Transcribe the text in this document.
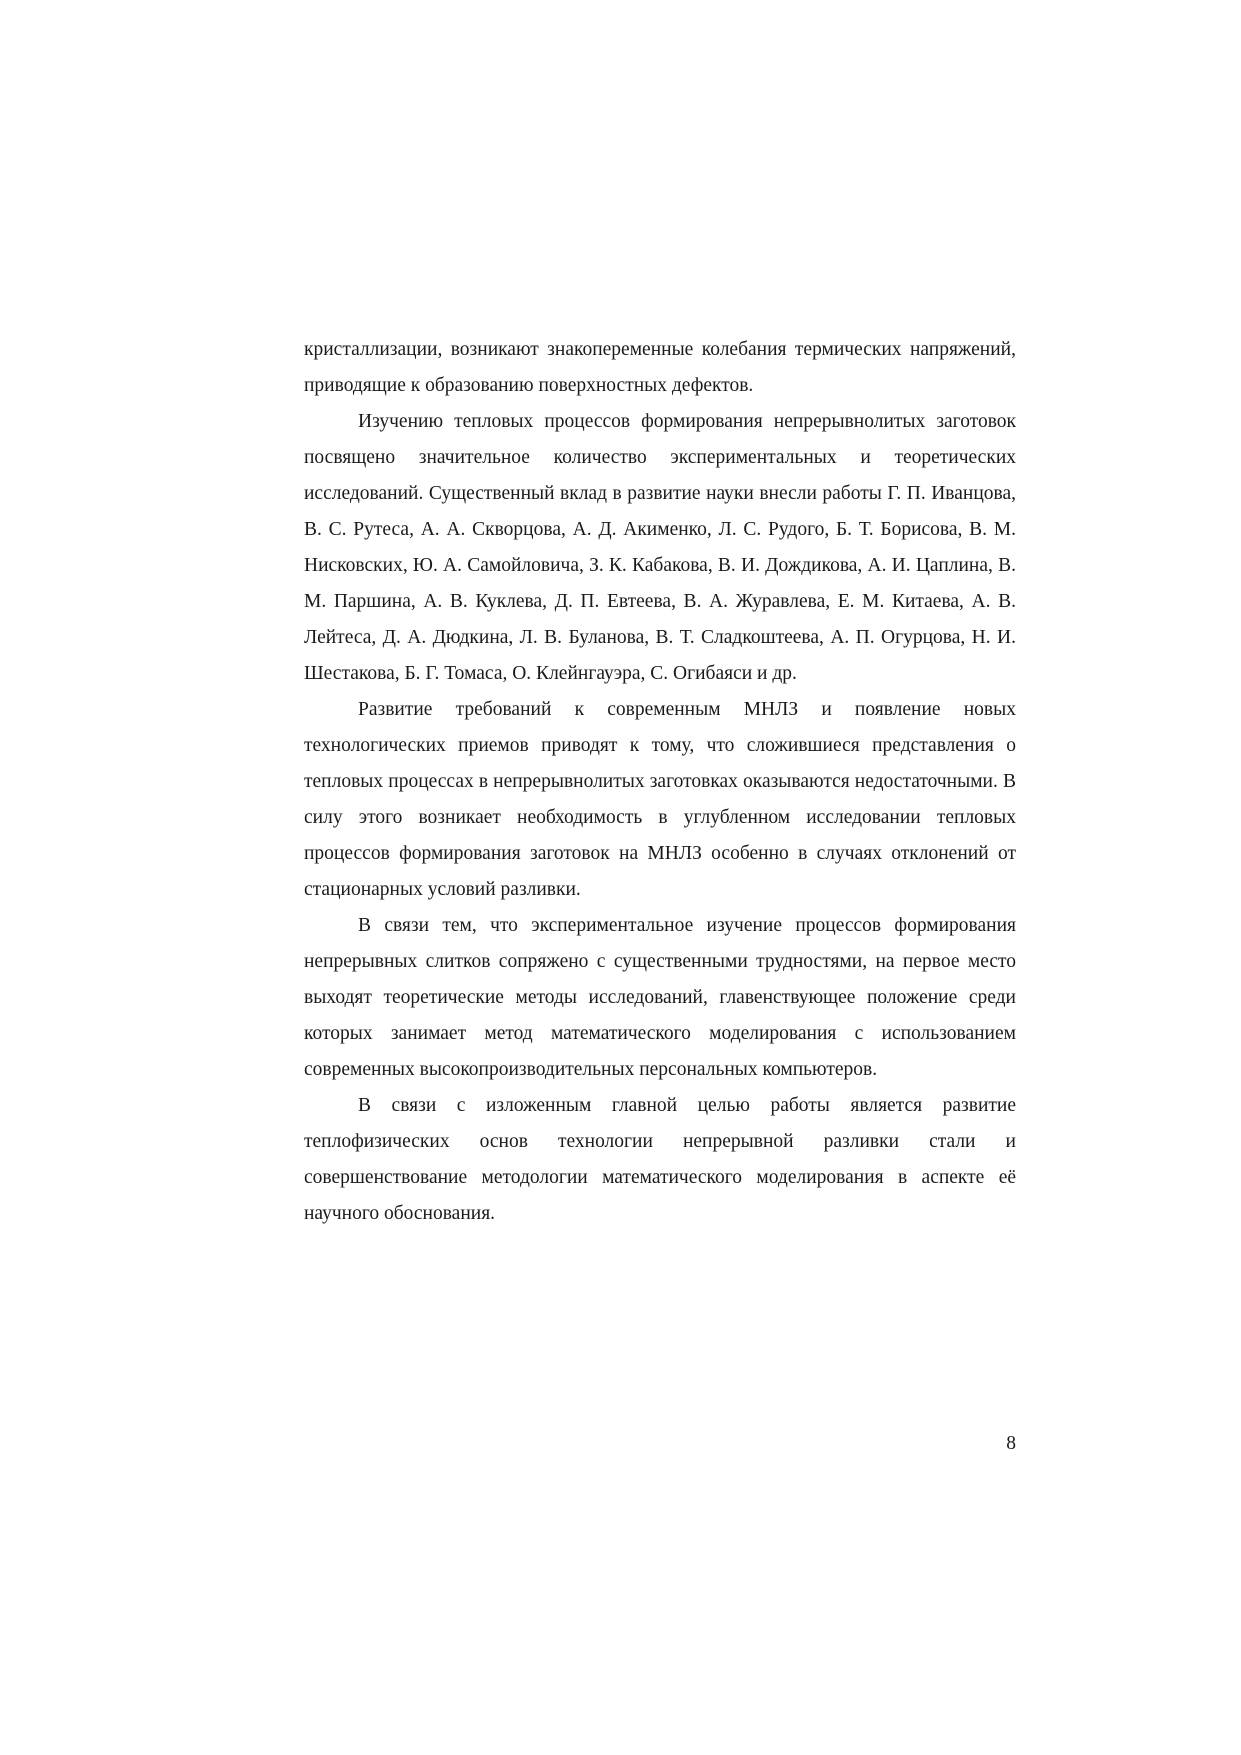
кристаллизации, возникают знакопеременные колебания термических напряжений, приводящие к образованию поверхностных дефектов.

Изучению тепловых процессов формирования непрерывнолитых заготовок посвящено значительное количество экспериментальных и теоретических исследований. Существенный вклад в развитие науки внесли работы Г. П. Иванцова, В. С. Рутеса, А. А. Скворцова, А. Д. Акименко, Л. С. Рудого, Б. Т. Борисова, В. М. Нисковских, Ю. А. Самойловича, З. К. Кабакова, В. И. Дождикова, А. И. Цаплина, В. М. Паршина, А. В. Куклева, Д. П. Евтеева, В. А. Журавлева, Е. М. Китаева, А. В. Лейтеса, Д. А. Дюдкина, Л. В. Буланова, В. Т. Сладкоштеева, А. П. Огурцова, Н. И. Шестакова, Б. Г. Томаса, О. Клейнгауэра, С. Огибаяси и др.

Развитие требований к современным МНЛЗ и появление новых технологических приемов приводят к тому, что сложившиеся представления о тепловых процессах в непрерывнолитых заготовках оказываются недостаточными. В силу этого возникает необходимость в углубленном исследовании тепловых процессов формирования заготовок на МНЛЗ особенно в случаях отклонений от стационарных условий разливки.

В связи тем, что экспериментальное изучение процессов формирования непрерывных слитков сопряжено с существенными трудностями, на первое место выходят теоретические методы исследований, главенствующее положение среди которых занимает метод математического моделирования с использованием современных высокопроизводительных персональных компьютеров.

В связи с изложенным главной целью работы является развитие теплофизических основ технологии непрерывной разливки стали и совершенствование методологии математического моделирования в аспекте её научного обоснования.

8
